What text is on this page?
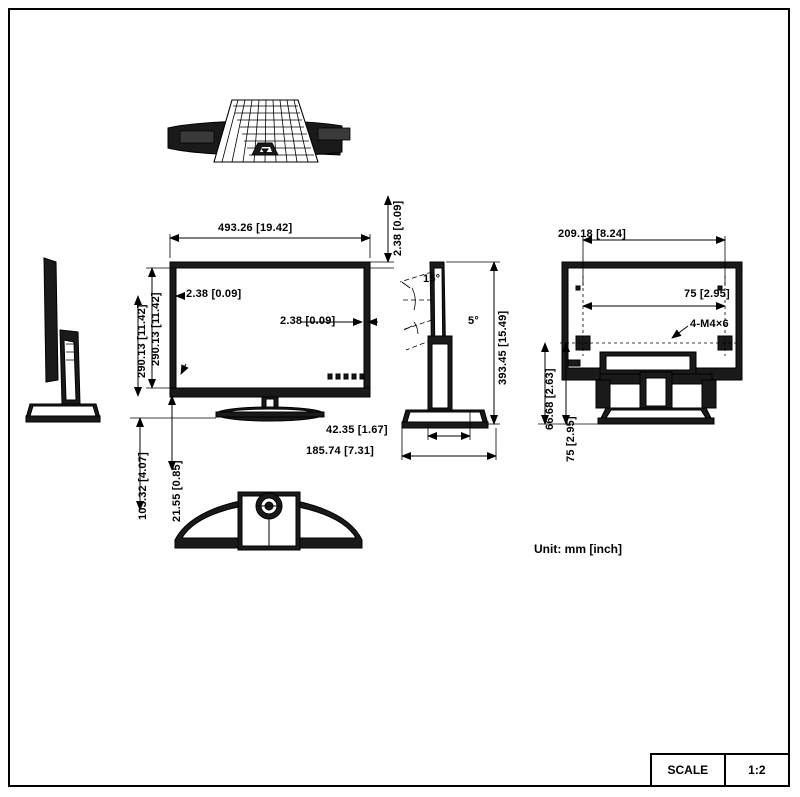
493.26 [19.42]	2.38 [0.09]
290.13 [11.42] 290.13 [11.42]
103.32 [4.07] 21.55 [0.85]
2.38 [0.09]
2.38 [0.09]
15°
5° 393.45 [15.49]
42.35 [1.67]
185.74 [7.31]
209.18 [8.24]
75 [2.95]
4-M4×6
66.68 [2.63]
75 [2.95]
Unit: mm [inch]
SCALE	1:2
